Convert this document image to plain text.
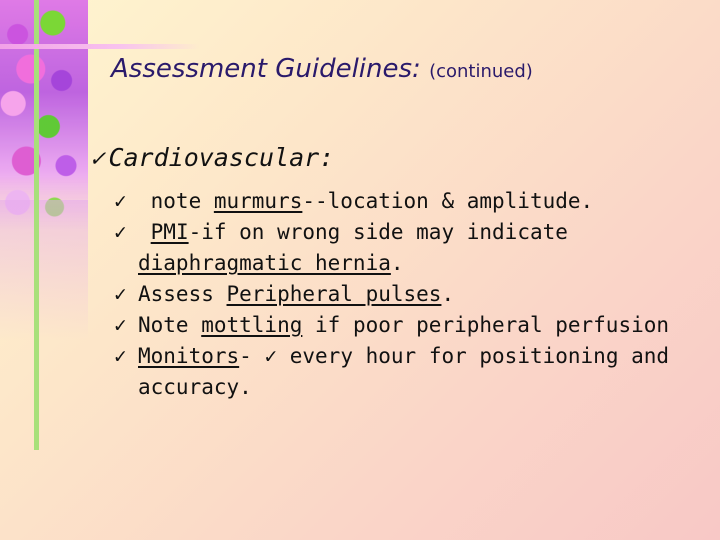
Assessment Guidelines: (continued)
✓ Cardiovascular:
✓ note murmurs--location & amplitude.
✓ PMI-if on wrong side may indicate diaphragmatic hernia.
✓ Assess Peripheral pulses.
✓ Note mottling if poor peripheral perfusion
✓ Monitors- ✓ every hour for positioning and accuracy.
